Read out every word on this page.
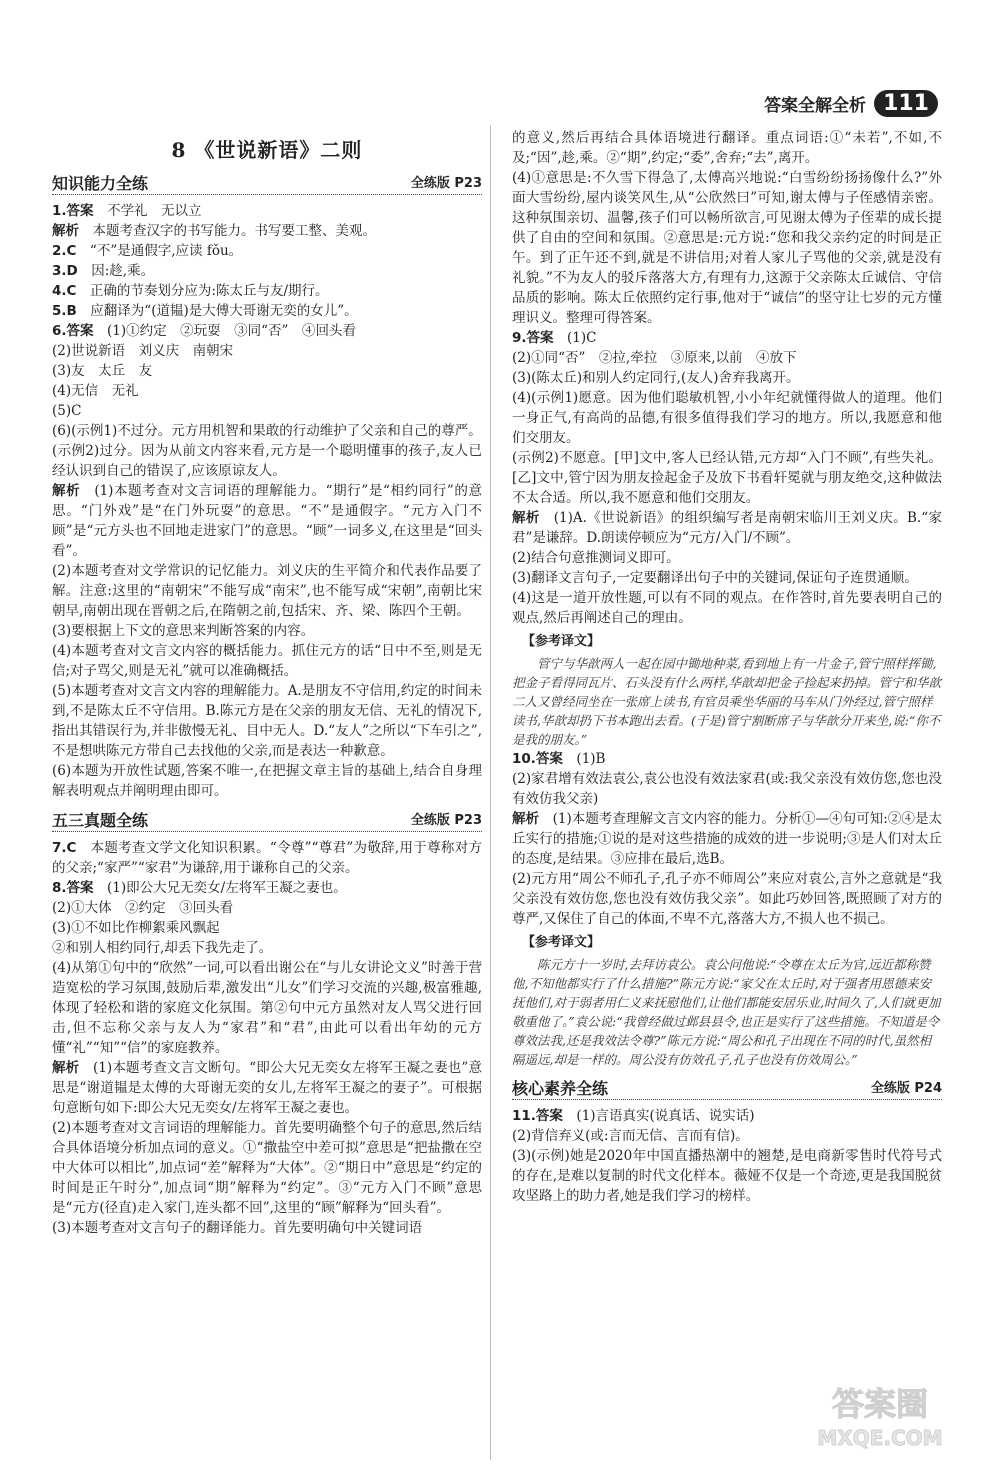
答案全解全析 111
8 《世说新语》二则
知识能力全练	全练版 P23

1.答案　不学礼　无以立

解析　本题考查汉字的书写能力。书写要工整、美观。

2.C　“不”是通假字,应读 fǒu。

3.D　因:趁,乘。

4.C　正确的节奏划分应为:陈太丘与友/期行。

5.B　应翻译为“(道韫)是大傅大哥谢无奕的女儿”。

6.答案　(1)①约定　②玩耍　③同“否”　④回头看

(2)世说新语　刘义庆　南朝宋

(3)友　太丘　友

(4)无信　无礼

(5)C

(6)(示例1)不过分。元方用机智和果敢的行动维护了父亲和自己的尊严。

(示例2)过分。因为从前文内容来看,元方是一个聪明懂事的孩子,友人已经认识到自己的错误了,应该原谅友人。

解析　(1)本题考查对文言词语的理解能力。“期行”是“相约同行”的意思。“门外戏”是“在门外玩耍”的意思。“不”是通假字。“元方入门不顾”是“元方头也不回地走进家门”的意思。“顾”一词多义,在这里是“回头看”。

(2)本题考查对文学常识的记忆能力。刘义庆的生平简介和代表作品要了解。注意:这里的“南朝宋”不能写成“南宋”,也不能写成“宋朝”,南朝比宋朝早,南朝出现在晋朝之后,在隋朝之前,包括宋、齐、梁、陈四个王朝。

(3)要根据上下文的意思来判断答案的内容。

(4)本题考查对文言文内容的概括能力。抓住元方的话“日中不至,则是无信;对子骂父,则是无礼”就可以准确概括。

(5)本题考查对文言文内容的理解能力。A.是朋友不守信用,约定的时间未到,不是陈太丘不守信用。B.陈元方是在父亲的朋友无信、无礼的情况下,指出其错误行为,并非傲慢无礼、目中无人。D.“友人”之所以“下车引之”,不是想哄陈元方带自己去找他的父亲,而是表达一种歉意。

(6)本题为开放性试题,答案不唯一,在把握文章主旨的基础上,结合自身理解表明观点并阐明理由即可。

五三真题全练	全练版 P23

7.C　本题考查文学文化知识积累。“令尊”“尊君”为敬辞,用于尊称对方的父亲;“家严”“家君”为谦辞,用于谦称自己的父亲。

8.答案　(1)即公大兄无奕女/左将军王凝之妻也。

(2)①大体　②约定　③回头看

(3)①不如比作柳絮乘风飘起

②和别人相约同行,却丢下我先走了。

(4)从第①句中的“欣然”一词,可以看出谢公在“与儿女讲论文义”时善于营造宽松的学习氛围,鼓励后辈,激发出“儿女”们学习交流的兴趣,极富雅趣,体现了轻松和谐的家庭文化氛围。第②句中元方虽然对友人骂父进行回击,但不忘称父亲与友人为“家君”和“君”,由此可以看出年幼的元方懂“礼”“知”“信”的家庭教养。

解析　(1)本题考查文言文断句。“即公大兄无奕女左将军王凝之妻也”意思是“谢道韫是太傅的大哥谢无奕的女儿,左将军王凝之的妻子”。可根据句意断句如下:即公大兄无奕女/左将军王凝之妻也。

(2)本题考查对文言词语的理解能力。首先要明确整个句子的意思,然后结合具体语境分析加点词的意义。①“撒盐空中差可拟”意思是“把盐撒在空中大体可以相比”,加点词“差”解释为“大体”。②“期日中”意思是“约定的时间是正午时分”,加点词“期”解释为“约定”。③“元方入门不顾”意思是“元方(径直)走入家门,连头都不回”,这里的“顾”解释为“回头看”。

(3)本题考查对文言句子的翻译能力。首先要明确句中关键词语

的意义,然后再结合具体语境进行翻译。重点词语:①“未若”,不如,不及;“因”,趁,乘。②“期”,约定;“委”,舍弃;“去”,离开。

(4)①意思是:不久雪下得急了,太傅高兴地说:“白雪纷纷扬扬像什么?”外面大雪纷纷,屋内谈笑风生,从“公欣然曰”可知,谢太傅与子侄感情亲密。这种氛围亲切、温馨,孩子们可以畅所欲言,可见谢太傅为子侄辈的成长提供了自由的空间和氛围。②意思是:元方说:“您和我父亲约定的时间是正午。到了正午还不到,就是不讲信用;对着人家儿子骂他的父亲,就是没有礼貌。”不为友人的驳斥落落大方,有理有力,这源于父亲陈太丘诚信、守信品质的影响。陈太丘依照约定行事,他对于“诚信”的坚守让七岁的元方懂理识义。整理可得答案。

9.答案　(1)C

(2)①同“否”　②拉,牵拉　③原来,以前　④放下

(3)(陈太丘)和别人约定同行,(友人)舍弃我离开。

(4)(示例1)愿意。因为他们聪敏机智,小小年纪就懂得做人的道理。他们一身正气,有高尚的品德,有很多值得我们学习的地方。所以,我愿意和他们交朋友。

(示例2)不愿意。[甲]文中,客人已经认错,元方却“入门不顾”,有些失礼。[乙]文中,管宁因为朋友捡起金子及放下书看轩冕就与朋友绝交,这种做法不太合适。所以,我不愿意和他们交朋友。

解析　(1)A.《世说新语》的组织编写者是南朝宋临川王刘义庆。B.“家君”是谦辞。D.朗读停顿应为“元方/入门/不顾”。

(2)结合句意推测词义即可。

(3)翻译文言句子,一定要翻译出句子中的关键词,保证句子连贯通顺。

(4)这是一道开放性题,可以有不同的观点。在作答时,首先要表明自己的观点,然后再阐述自己的理由。

【参考译文】

管宁与华歆两人一起在园中锄地种菜,看到地上有一片金子,管宁照样挥锄,把金子看得同瓦片、石头没有什么两样,华歆却把金子捡起来扔掉。管宁和华歆二人又曾经同坐在一张席上读书,有官员乘坐华丽的马车从门外经过,管宁照样读书,华歆却扔下书本跑出去看。(于是)管宁割断席子与华歆分开来坐,说:“你不是我的朋友。”

10.答案　(1)B

(2)家君增有效法袁公,袁公也没有效法家君(或:我父亲没有效仿您,您也没有效仿我父亲)

解析　(1)本题考查理解文言文内容的能力。分析①—④句可知:②④是太丘实行的措施;①说的是对这些措施的成效的进一步说明;③是人们对太丘的态度,是结果。③应排在最后,选B。

(2)元方用“周公不师孔子,孔子亦不师周公”来应对袁公,言外之意就是“我父亲没有效仿您,您也没有效仿我父亲”。如此巧妙回答,既照顾了对方的尊严,又保住了自己的体面,不卑不亢,落落大方,不损人也不损己。

【参考译文】

陈元方十一岁时,去拜访袁公。袁公问他说:“令尊在太丘为官,远近都称赞他,不知他都实行了什么措施?”陈元方说:“家父在太丘时,对于强者用恩德来安抚他们,对于弱者用仁义来抚慰他们,让他们都能安居乐业,时间久了,人们就更加敬重他了。”袁公说:“我曾经做过邺县县令,也正是实行了这些措施。不知道是令尊效法我,还是我效法令尊?”陈元方说:“周公和孔子出现在不同的时代,虽然相隔遥远,却是一样的。周公没有仿效孔子,孔子也没有仿效周公。”

核心素养全练	全练版 P24

11.答案　(1)言语真实(说真话、说实话)

(2)背信弃义(或:言而无信、言而有信)。

(3)(示例)她是2020年中国直播热潮中的翘楚,是电商新零售时代符号式的存在,是难以复制的时代文化样本。薇娅不仅是一个奇迹,更是我国脱贫攻坚路上的助力者,她是我们学习的榜样。

答案圈
MXQE.COM
